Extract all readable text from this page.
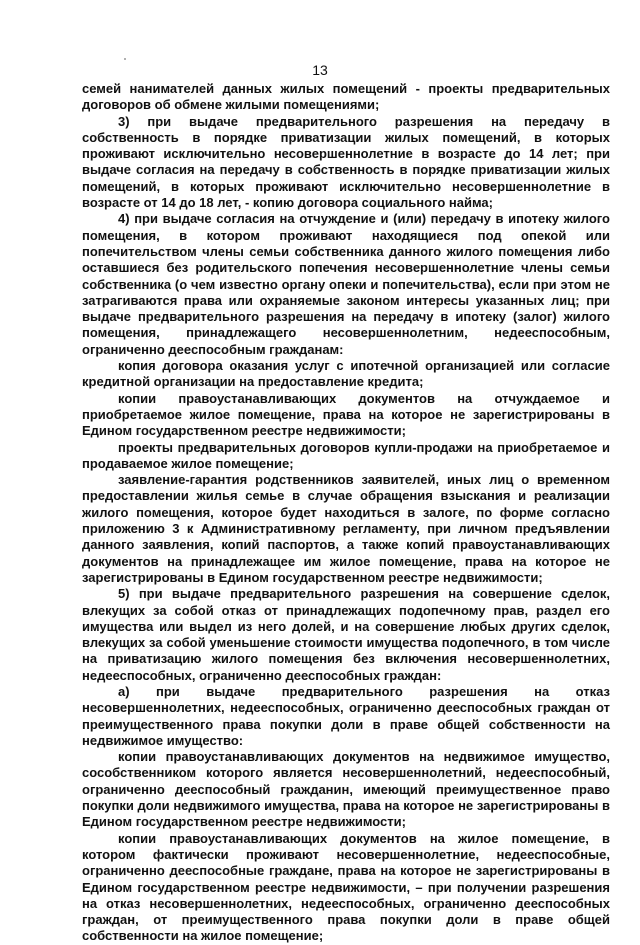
13

семей нанимателей данных жилых помещений - проекты предварительных договоров об обмене жилыми помещениями;

3) при выдаче предварительного разрешения на передачу в собственность в порядке приватизации жилых помещений, в которых проживают исключительно несовершеннолетние в возрасте до 14 лет; при выдаче согласия на передачу в собственность в порядке приватизации жилых помещений, в которых проживают исключительно несовершеннолетние в возрасте от 14 до 18 лет, - копию договора социального найма;

4) при выдаче согласия на отчуждение и (или) передачу в ипотеку жилого помещения, в котором проживают находящиеся под опекой или попечительством члены семьи собственника данного жилого помещения либо оставшиеся без родительского попечения несовершеннолетние члены семьи собственника (о чем известно органу опеки и попечительства), если при этом не затрагиваются права или охраняемые законом интересы указанных лиц; при выдаче предварительного разрешения на передачу в ипотеку (залог) жилого помещения, принадлежащего несовершеннолетним, недееспособным, ограниченно дееспособным гражданам:

копия договора оказания услуг с ипотечной организацией или согласие кредитной организации на предоставление кредита;

копии правоустанавливающих документов на отчуждаемое и приобретаемое жилое помещение, права на которое не зарегистрированы в Едином государственном реестре недвижимости;

проекты предварительных договоров купли-продажи на приобретаемое и продаваемое жилое помещение;

заявление-гарантия родственников заявителей, иных лиц о временном предоставлении жилья семье в случае обращения взыскания и реализации жилого помещения, которое будет находиться в залоге, по форме согласно приложению 3 к Административному регламенту, при личном предъявлении данного заявления, копий паспортов, а также копий правоустанавливающих документов на принадлежащее им жилое помещение, права на которое не зарегистрированы в Едином государственном реестре недвижимости;

5) при выдаче предварительного разрешения на совершение сделок, влекущих за собой отказ от принадлежащих подопечному прав, раздел его имущества или выдел из него долей, и на совершение любых других сделок, влекущих за собой уменьшение стоимости имущества подопечного, в том числе на приватизацию жилого помещения без включения несовершеннолетних, недееспособных, ограниченно дееспособных граждан:

а) при выдаче предварительного разрешения на отказ несовершеннолетних, недееспособных, ограниченно дееспособных граждан от преимущественного права покупки доли в праве общей собственности на недвижимое имущество:

копии правоустанавливающих документов на недвижимое имущество, сособственником которого является несовершеннолетний, недееспособный, ограниченно дееспособный гражданин, имеющий преимущественное право покупки доли недвижимого имущества, права на которое не зарегистрированы в Едином государственном реестре недвижимости;

копии правоустанавливающих документов на жилое помещение, в котором фактически проживают несовершеннолетние, недееспособные, ограниченно дееспособные граждане, права на которое не зарегистрированы в Едином государственном реестре недвижимости, – при получении разрешения на отказ несовершеннолетних, недееспособных, ограниченно дееспособных граждан, от преимущественного права покупки доли в праве общей собственности на жилое помещение;
